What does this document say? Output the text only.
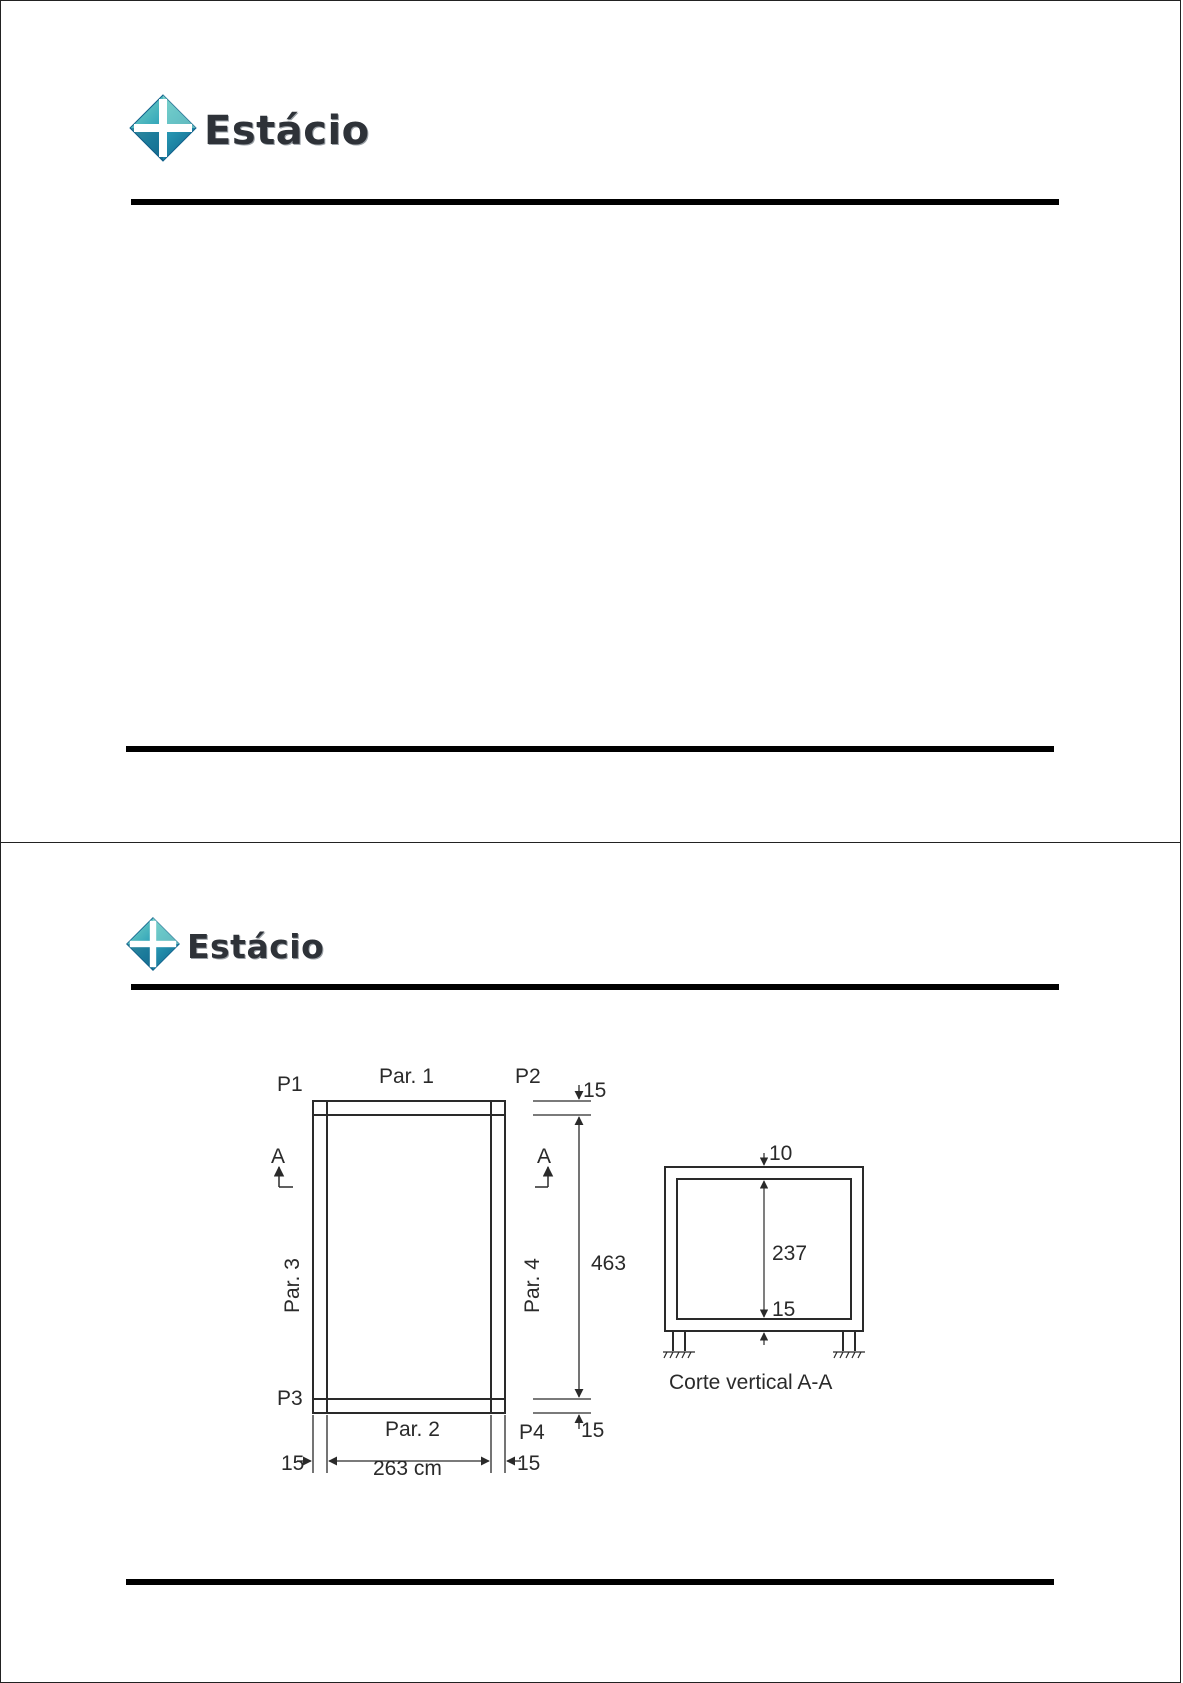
Estácio
Estácio
P1	Par. 1	P2
15
A	A
463
P3
Par. 2	P4 15
15	263 cm	15
10
237
15
Corte vertical A-A
Par. 3	Par. 4
